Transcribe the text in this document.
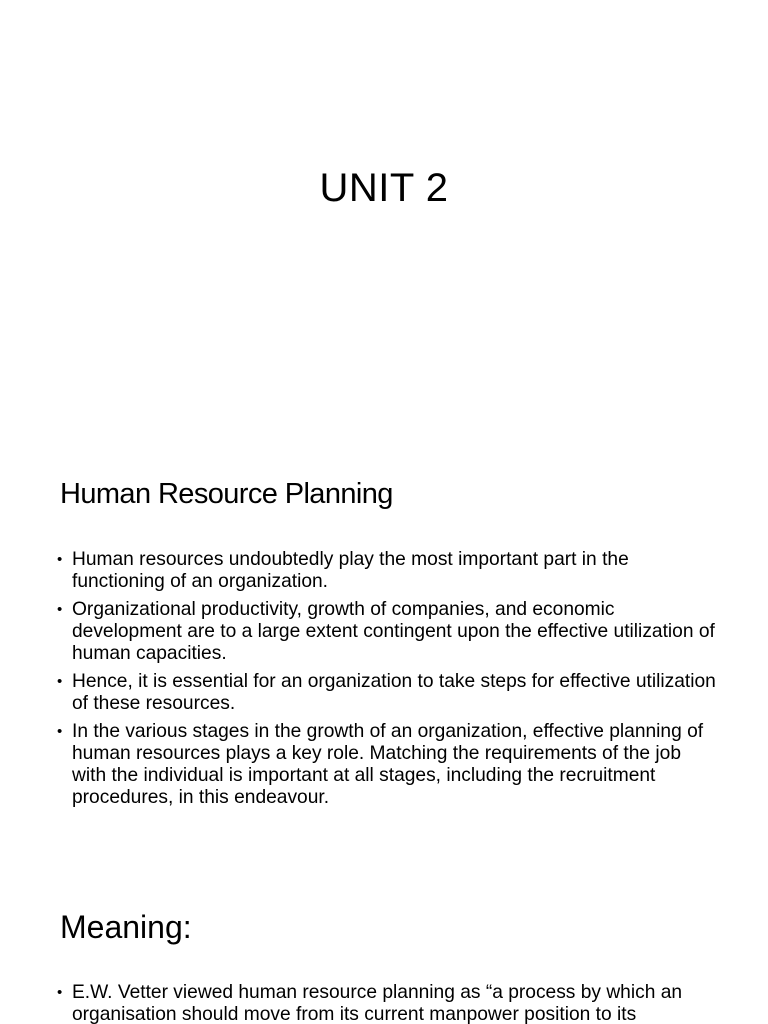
UNIT 2
Human Resource Planning
• Human resources undoubtedly play the most important part in the functioning of an organization.
• Organizational productivity, growth of companies, and economic development are to a large extent contingent upon the effective utilization of human capacities.
• Hence, it is essential for an organization to take steps for effective utilization of these resources.
• In the various stages in the growth of an organization, effective planning of human resources plays a key role. Matching the requirements of the job with the individual is important at all stages, including the recruitment procedures, in this endeavour.
Meaning:
• E.W. Vetter viewed human resource planning as “a process by which an organisation should move from its current manpower position to its
